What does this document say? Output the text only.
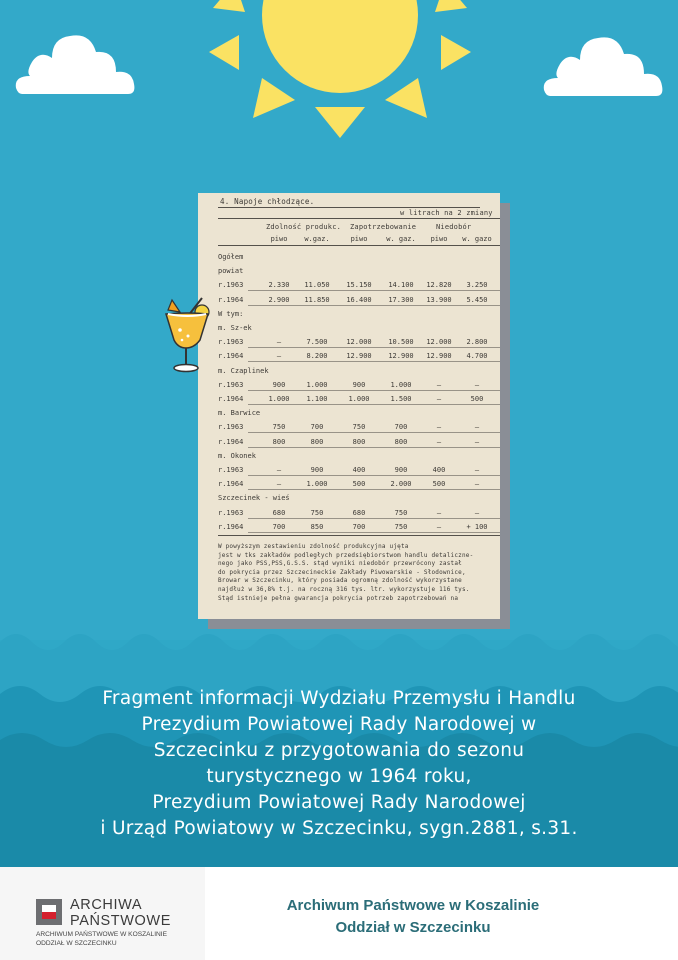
4. Napoje chłodzące.
w litrach na 2 zmiany
Zdolność produkc. Zapotrzebowanie	Niedobór
piwo	w.gaz.	piwo	w. gaz.	piwo	w. gazo
Ogółem
powiat
r.1963	2.330	11.050	15.150	14.100	12.820	3.250
r.1964	2.900	11.850	16.400	17.300	13.900	5.450
W tym:
m. Sz-ek
r.1963	–	7.500	12.000	10.500	12.000	2.800
r.1964	–	8.200	12.900	12.900	12.900	4.700
m. Czaplinek
r.1963	900	1.000	900	1.000	–	–
r.1964	1.000	1.100	1.000	1.500	–	500
m. Barwice
r.1963	750	700	750	700	–	–
r.1964	800	800	800	800	–	–
m. Okonek
r.1963	–	900	400	900	400	–
r.1964	–	1.000	500	2.000	500	–
Szczecinek - wieś
r.1963	680	750	680	750	–	–
r.1964	700	850	700	750	–	+ 100
W powyższym zestawieniu zdolność produkcyjna ujęta
jest w tks zakładów podległych przedsiębiorstwom handlu detaliczne-
nego jako PSS,PSS,G.S.S. stąd wyniki niedobór przewrócony zastał
do pokrycia przez Szczecineckie Zakłady Piwowarskie - Słodownice,
Browar w Szczecinku, który posiada ogromną zdolność wykorzystane
najdłuż w 36,8% t.j. na roczną 316 tys. ltr. wykorzystuje 116 tys.
Stąd istnieje pełna gwarancja pokrycia potrzeb zapotrzebowań na
Fragment informacji Wydziału Przemysłu i Handlu
Prezydium Powiatowej Rady Narodowej w
Szczecinku z przygotowania do sezonu
turystycznego w 1964 roku,
Prezydium Powiatowej Rady Narodowej
i Urząd Powiatowy w Szczecinku, sygn.2881, s.31.
ARCHIWA
PAŃSTWOWE
ARCHIWUM PAŃSTWOWE W KOSZALINIE
ODDZIAŁ W SZCZECINKU
Archiwum Państwowe w Koszalinie
Oddział w Szczecinku
